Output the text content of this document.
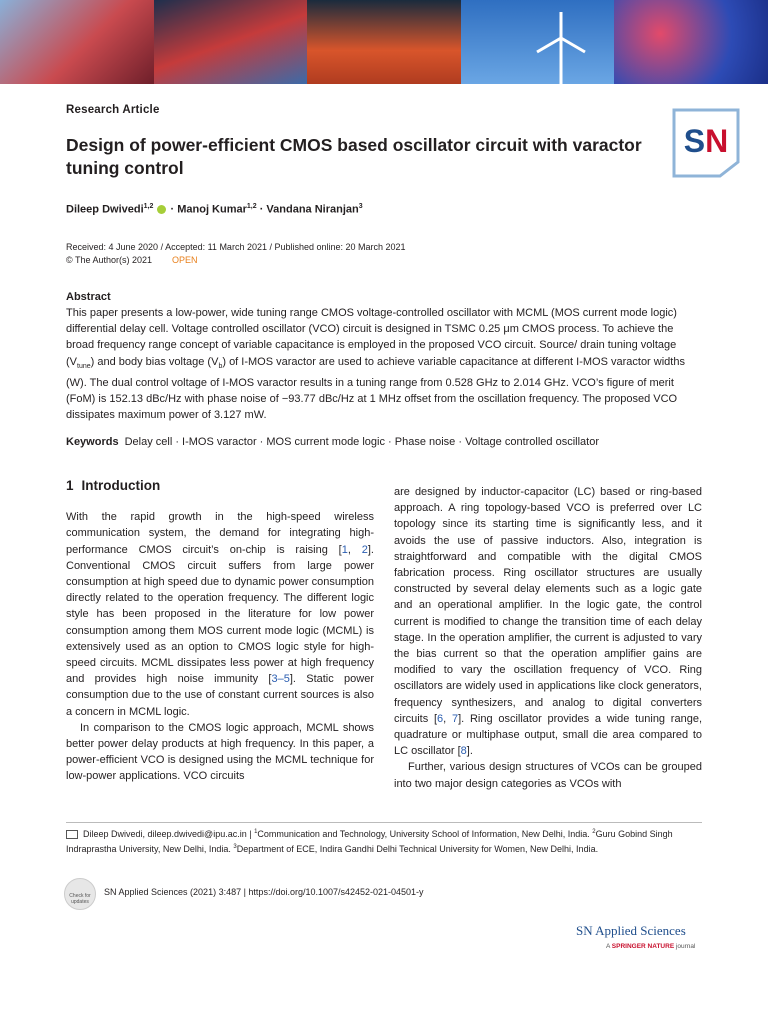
Research Article
Design of power-efficient CMOS based oscillator circuit with varactor tuning control
SN
Dileep Dwivedi$^{1,2}$  · Manoj Kumar$^{1,2}$ · Vandana Niranjan$^3$
Received: 4 June 2020 / Accepted: 11 March 2021 / Published online: 20 March 2021
© The Author(s) 2021 OPEN
Abstract

This paper presents a low-power, wide tuning range CMOS voltage-controlled oscillator with MCML (MOS current mode logic) differential delay cell. Voltage controlled oscillator (VCO) circuit is designed in TSMC 0.25 μm CMOS process. To achieve the broad frequency range concept of variable capacitance is employed in the proposed VCO circuit. Source/ drain tuning voltage $(V_{tune})$ and body bias voltage $(V_b)$ of I-MOS varactor are used to achieve variable capacitance at different I-MOS varactor widths (W). The dual control voltage of I-MOS varactor results in a tuning range from 0.528 GHz to 2.014 GHz. VCO’s figure of merit (FoM) is 152.13 dBc/Hz with phase noise of −93.77 dBc/Hz at 1 MHz offset from the oscillation frequency. The proposed VCO dissipates maximum power of 3.127 mW.

Keywords Delay cell · I-MOS varactor · MOS current mode logic · Phase noise · Voltage controlled oscillator
1 Introduction

With the rapid growth in the high-speed wireless communication system, the demand for integrating high-performance CMOS circuit’s on-chip is raising [1, 2]. Conventional CMOS circuit suffers from large power consumption at high speed due to dynamic power consumption directly related to the operation frequency. The different logic style has been proposed in the literature for low power consumption among them MOS current mode logic (MCML) is extensively used as an option to CMOS logic style for high-speed circuits. MCML dissipates less power at high frequency and provides high noise immunity [3–5]. Static power consumption due to the use of constant current sources is also a concern in MCML logic.

In comparison to the CMOS logic approach, MCML shows better power delay products at high frequency. In this paper, a power-efficient VCO is designed using the MCML technique for low-power applications. VCO circuits

are designed by inductor-capacitor (LC) based or ring-based approach. A ring topology-based VCO is preferred over LC topology since its starting time is significantly less, and it avoids the use of passive inductors. Also, integration is straightforward and compatible with the digital CMOS fabrication process. Ring oscillator structures are usually constructed by several delay elements such as a logic gate and an operational amplifier. In the logic gate, the control current is modified to change the transition time of each delay stage. In the operation amplifier, the current is adjusted to vary the bias current so that the operation amplifier gains are modified to vary the oscillation frequency of VCO. Ring oscillators are widely used in applications like clock generators, frequency synthesizers, and analog to digital converters circuits [6, 7]. Ring oscillator provides a wide tuning range, quadrature or multiphase output, small die area compared to LC oscillator [8].

Further, various design structures of VCOs can be grouped into two major design categories as VCOs with

Dileep Dwivedi, dileep.dwivedi@ipu.ac.in | $^1$Communication and Technology, University School of Information, New Delhi, India. $^2$Guru Gobind Singh Indraprastha University, New Delhi, India. $^3$Department of ECE, Indira Gandhi Delhi Technical University for Women, New Delhi, India.
Check for updates
SN Applied Sciences (2021) 3:487 | https://doi.org/10.1007/s42452-021-04501-y
SN Applied Sciences
A SPRINGER NATURE journal
